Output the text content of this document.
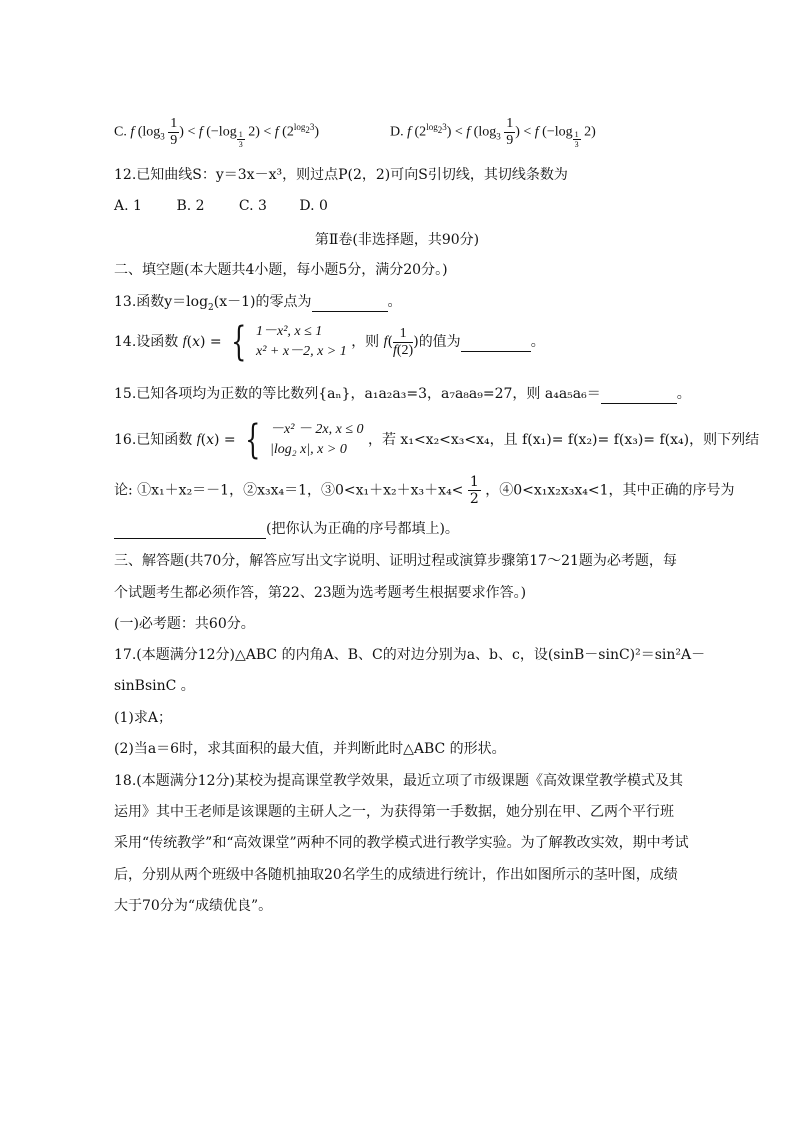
C. f ($\log_3 \frac{1}{9}$ ) < f (−log $_{\frac{1}{3}}$ 2) < f $(2^{log_23})$	D. f $(2^{log_23}) < f$ ($\log_3 \frac{1}{9}$ ) < f (−log $_{\frac{1}{3}}$ 2)
12.已知曲线S：y＝3x－x³，则过点P(2，2)可向S引切线，其切线条数为
A. 1 B. 2 C. 3 D. 0
第Ⅱ卷(非选择题，共90分)
二、填空题(本大题共4小题，每小题5分，满分20分。)
13.函数$y=\log_2(x-1)$的零点为	。
14.设函数 f(x) = { 1－x², x ≤ 1
x² + x－2, x > 1
，则 $f( \frac{1}{f(2)}$ )的值为	。
15.已知各项均为正数的等比数列{aₙ}，a₁a₂a₃=3，a₇a₈a₉=27，则 a₄a₅a₆＝	。
16.已知函数 f(x) = { －x² － 2x, x ≤ 0
|log₂ x|, x > 0
，若 x₁<x₂<x₃<x₄，且 f(x₁)= f(x₂)= f(x₃)= f(x₄)，则下列结
论: ①x₁＋x₂＝－1，②x₃x₄＝1，③0<x₁＋x₂＋x₃＋x₄< $\frac{1}{2}$ ，④0<x₁x₂x₃x₄<1，其中正确的序号为
(把你认为正确的序号都填上)。
三、解答题(共70分，解答应写出文字说明、证明过程或演算步骤第17～21题为必考题，每
个试题考生都必须作答，第22、23题为选考题考生根据要求作答。)
(一)必考题：共60分。
17.(本题满分12分)△ABC 的内角A、B、C的对边分别为a、b、c，设(sinB－sinC)²＝sin²A－
sinBsinC 。
(1)求A；
(2)当a＝6时，求其面积的最大值，并判断此时△ABC 的形状。
18.(本题满分12分)某校为提高课堂教学效果，最近立项了市级课题《高效课堂教学模式及其
运用》其中王老师是该课题的主研人之一，为获得第一手数据，她分别在甲、乙两个平行班
采用“传统教学”和“高效课堂”两种不同的教学模式进行教学实验。为了解教改实效，期中考试
后，分别从两个班级中各随机抽取20名学生的成绩进行统计，作出如图所示的茎叶图，成绩
大于70分为“成绩优良”。
